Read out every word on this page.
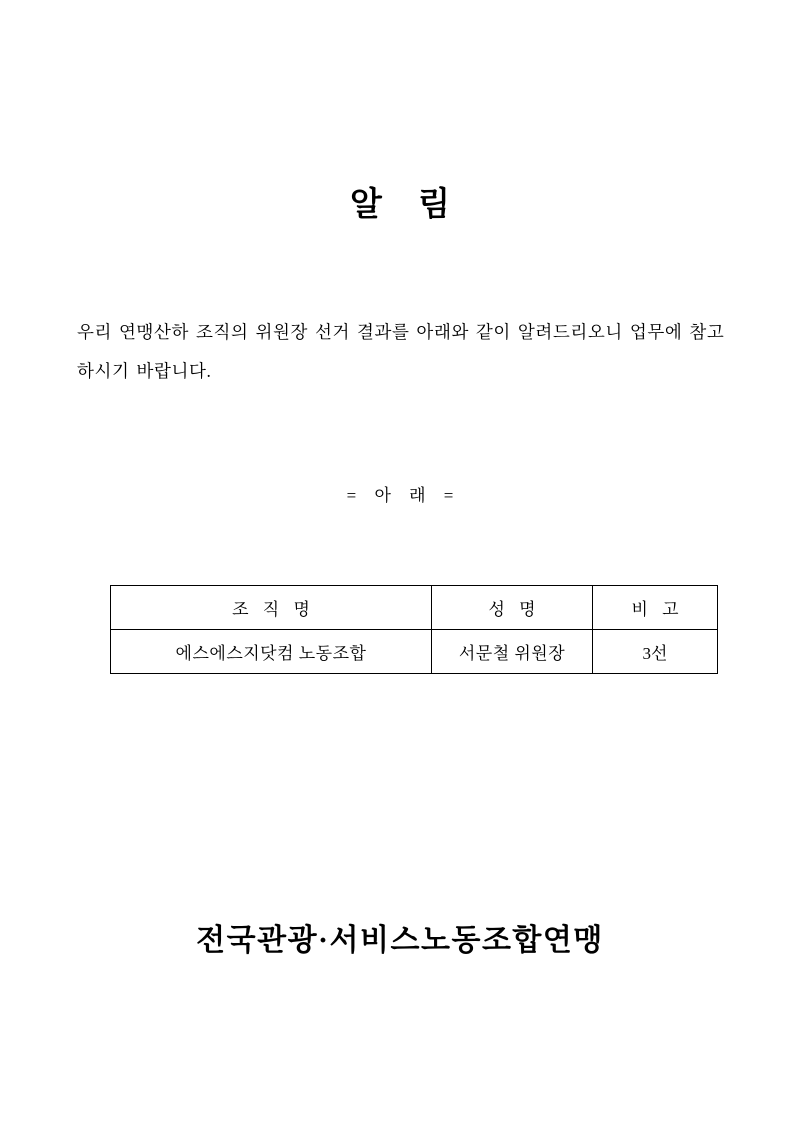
알 림
우리 연맹산하 조직의 위원장 선거 결과를 아래와 같이 알려드리오니 업무에 참고하시기 바랍니다.
= 아 래 =
조 직 명	성 명	비 고
에스에스지닷컴 노동조합	서문철 위원장	3선
전국관광·서비스노동조합연맹
